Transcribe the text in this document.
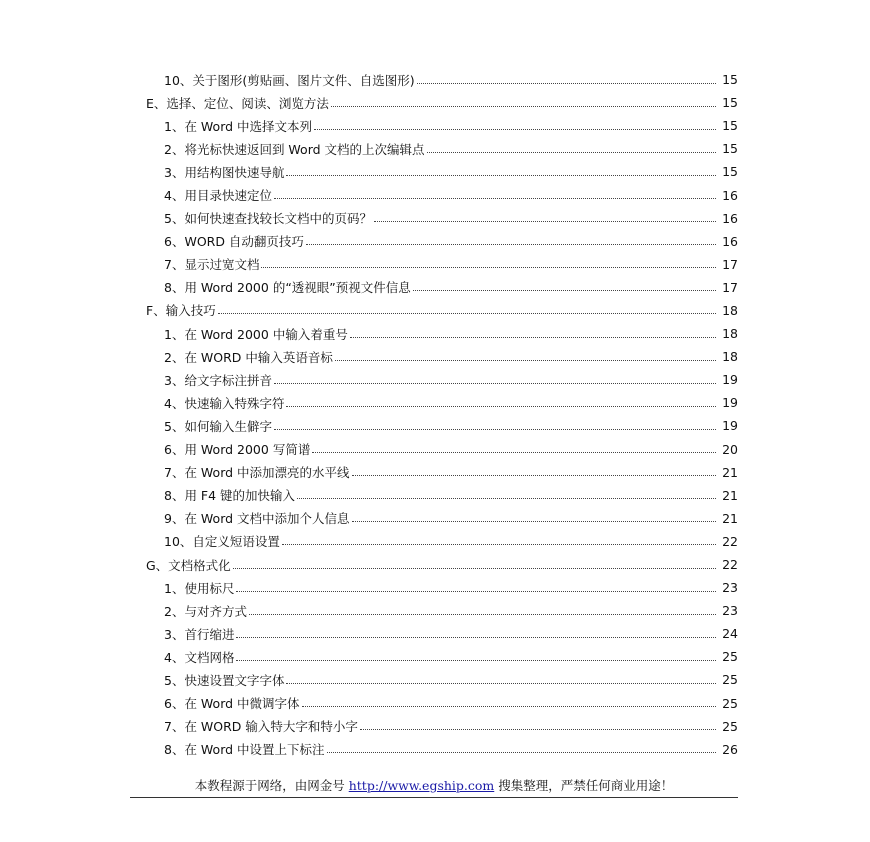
10、关于图形(剪贴画、图片文件、自选图形)	15
E、选择、定位、阅读、浏览方法	15
1、在 Word 中选择文本列	15
2、将光标快速返回到 Word 文档的上次编辑点	15
3、用结构图快速导航	15
4、用目录快速定位	16
5、如何快速查找较长文档中的页码？	16
6、WORD 自动翻页技巧	16
7、显示过宽文档	17
8、用 Word 2000 的“透视眼”预视文件信息	17
F、输入技巧	18
1、在 Word 2000 中输入着重号	18
2、在 WORD 中输入英语音标	18
3、给文字标注拼音	19
4、快速输入特殊字符	19
5、如何输入生僻字	19
6、用 Word 2000 写简谱	20
7、在 Word 中添加漂亮的水平线	21
8、用 F4 键的加快输入	21
9、在 Word 文档中添加个人信息	21
10、自定义短语设置	22
G、文档格式化	22
1、使用标尺	23
2、与对齐方式	23
3、首行缩进	24
4、文档网格	25
5、快速设置文字字体	25
6、在 Word 中微调字体	25
7、在 WORD 输入特大字和特小字	25
8、在 Word 中设置上下标注	26
本教程源于网络，由网金号 http://www.egship.com 搜集整理，严禁任何商业用途！
